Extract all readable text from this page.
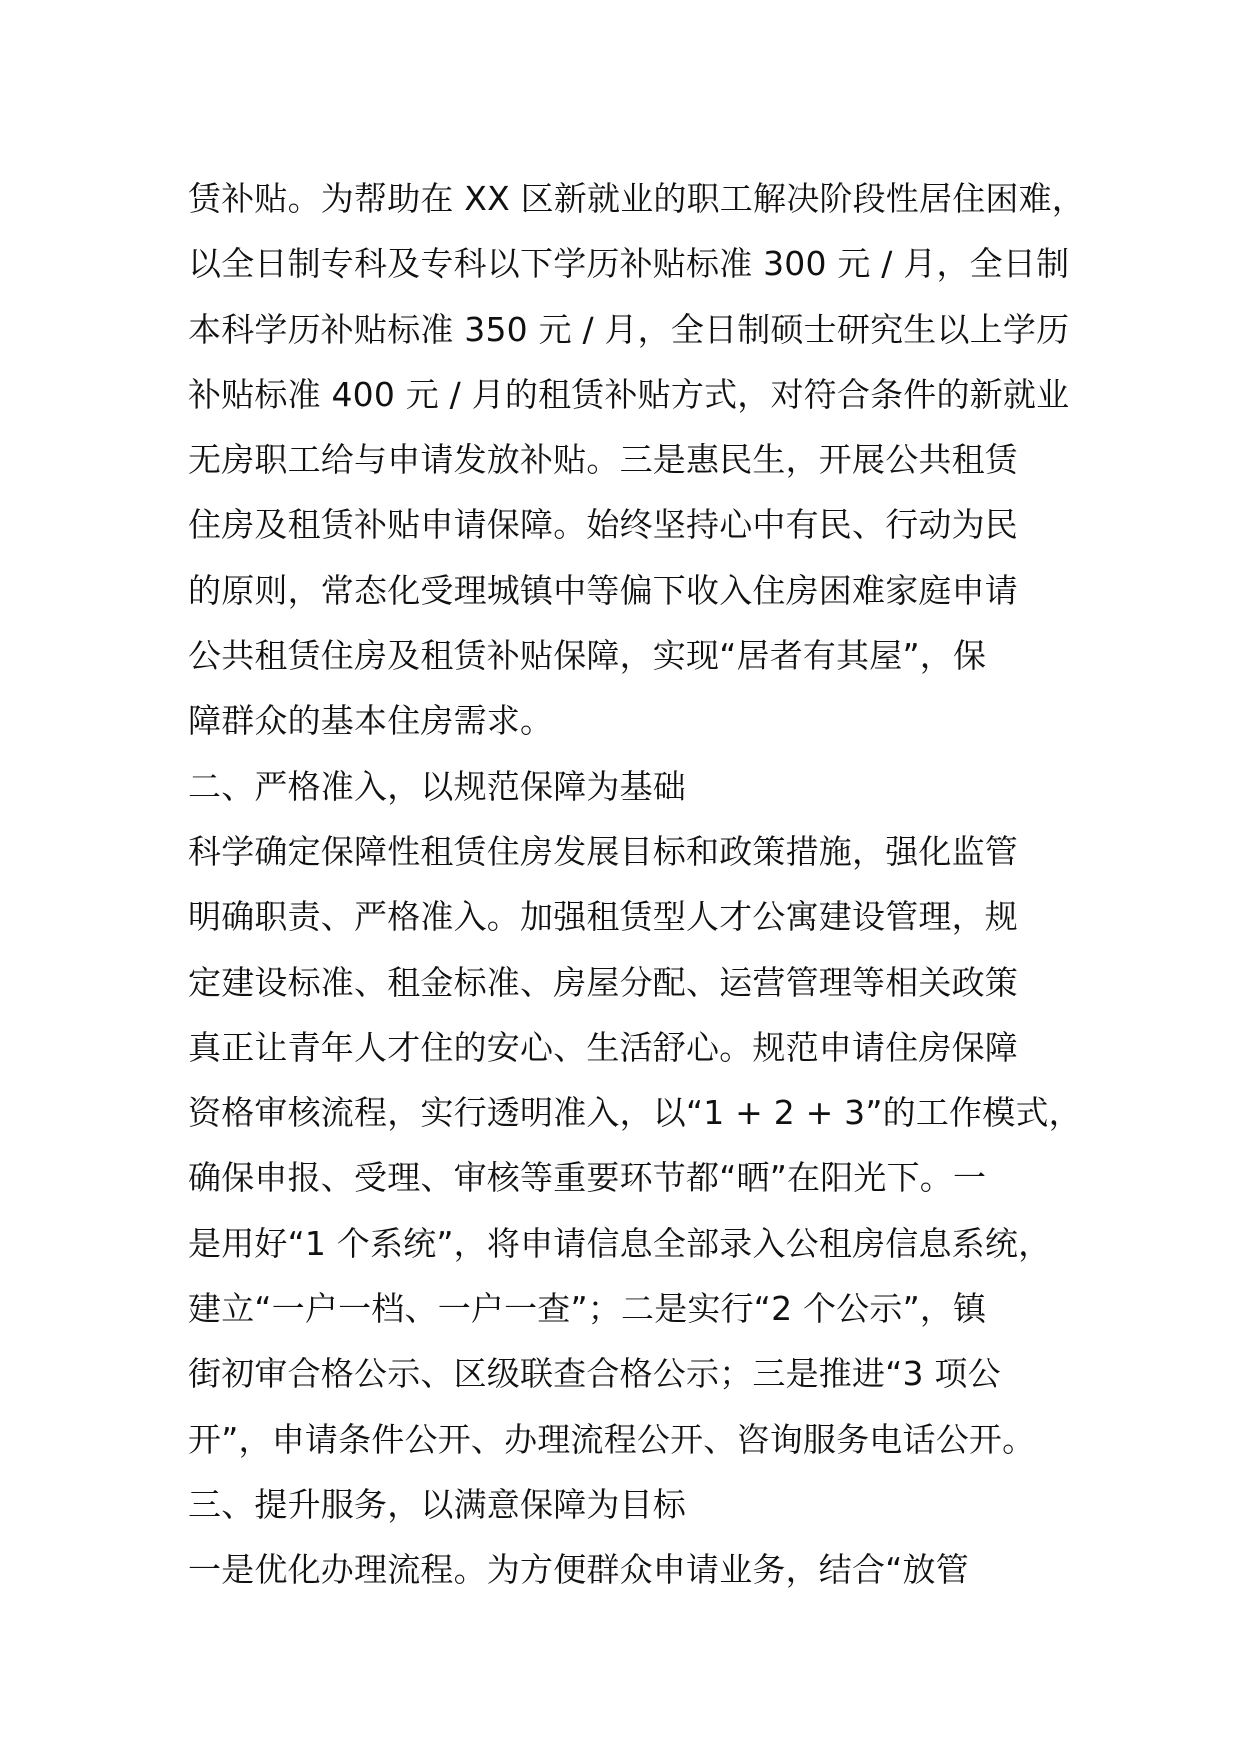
赁补贴。为帮助在 XX 区新就业的职工解决阶段性居住困难，
以全日制专科及专科以下学历补贴标准 300 元 / 月，全日制
本科学历补贴标准 350 元 / 月，全日制硕士研究生以上学历
补贴标准 400 元 / 月的租赁补贴方式，对符合条件的新就业
无房职工给与申请发放补贴。三是惠民生，开展公共租赁
住房及租赁补贴申请保障。始终坚持心中有民、行动为民
的原则，常态化受理城镇中等偏下收入住房困难家庭申请
公共租赁住房及租赁补贴保障，实现“居者有其屋”，保
障群众的基本住房需求。
二、严格准入，以规范保障为基础
科学确定保障性租赁住房发展目标和政策措施，强化监管
明确职责、严格准入。加强租赁型人才公寓建设管理，规
定建设标准、租金标准、房屋分配、运营管理等相关政策
真正让青年人才住的安心、生活舒心。规范申请住房保障
资格审核流程，实行透明准入，以“1 + 2 + 3”的工作模式，
确保申报、受理、审核等重要环节都“晒”在阳光下。一
是用好“1 个系统”，将申请信息全部录入公租房信息系统，
建立“一户一档、一户一查”；二是实行“2 个公示”，镇
街初审合格公示、区级联查合格公示；三是推进“3 项公
开”，申请条件公开、办理流程公开、咨询服务电话公开。
三、提升服务，以满意保障为目标
一是优化办理流程。为方便群众申请业务，结合“放管
